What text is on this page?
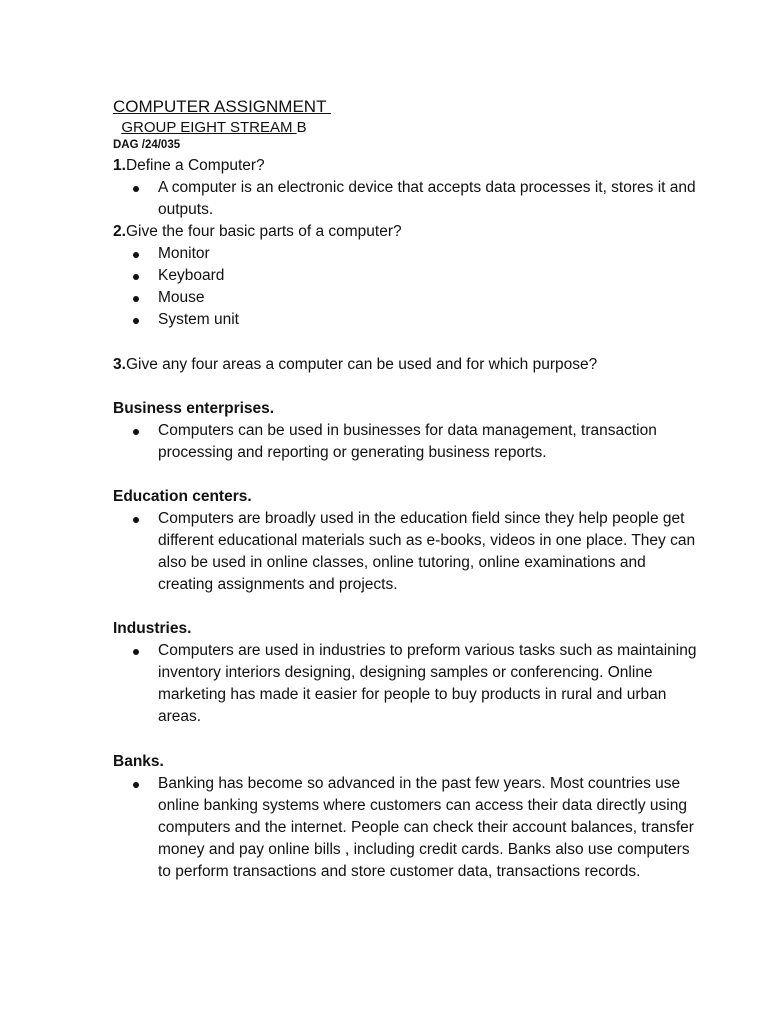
COMPUTER ASSIGNMENT

GROUP EIGHT STREAM B

DAG /24/035

1.Define a Computer?

A computer is an electronic device that accepts data processes it, stores it and outputs.

2.Give the four basic parts of a computer?

Monitor
Keyboard
Mouse
System unit

3.Give any four areas a computer can be used and for which purpose?

Business enterprises.

Computers can be used in businesses for data management, transaction processing and reporting or generating business reports.

Education centers.

Computers are broadly used in the education field since they help people get different educational materials such as e-books, videos in one place. They can also be used in online classes, online tutoring, online examinations and creating assignments and projects.

Industries.

Computers are used in industries to preform various tasks such as maintaining inventory interiors designing, designing samples or conferencing. Online marketing has made it easier for people to buy products in rural and urban areas.

Banks.

Banking has become so advanced in the past few years. Most countries use online banking systems where customers can access their data directly using computers and the internet. People can check their account balances, transfer money and pay online bills , including credit cards. Banks also use computers to perform transactions and store customer data, transactions records.
